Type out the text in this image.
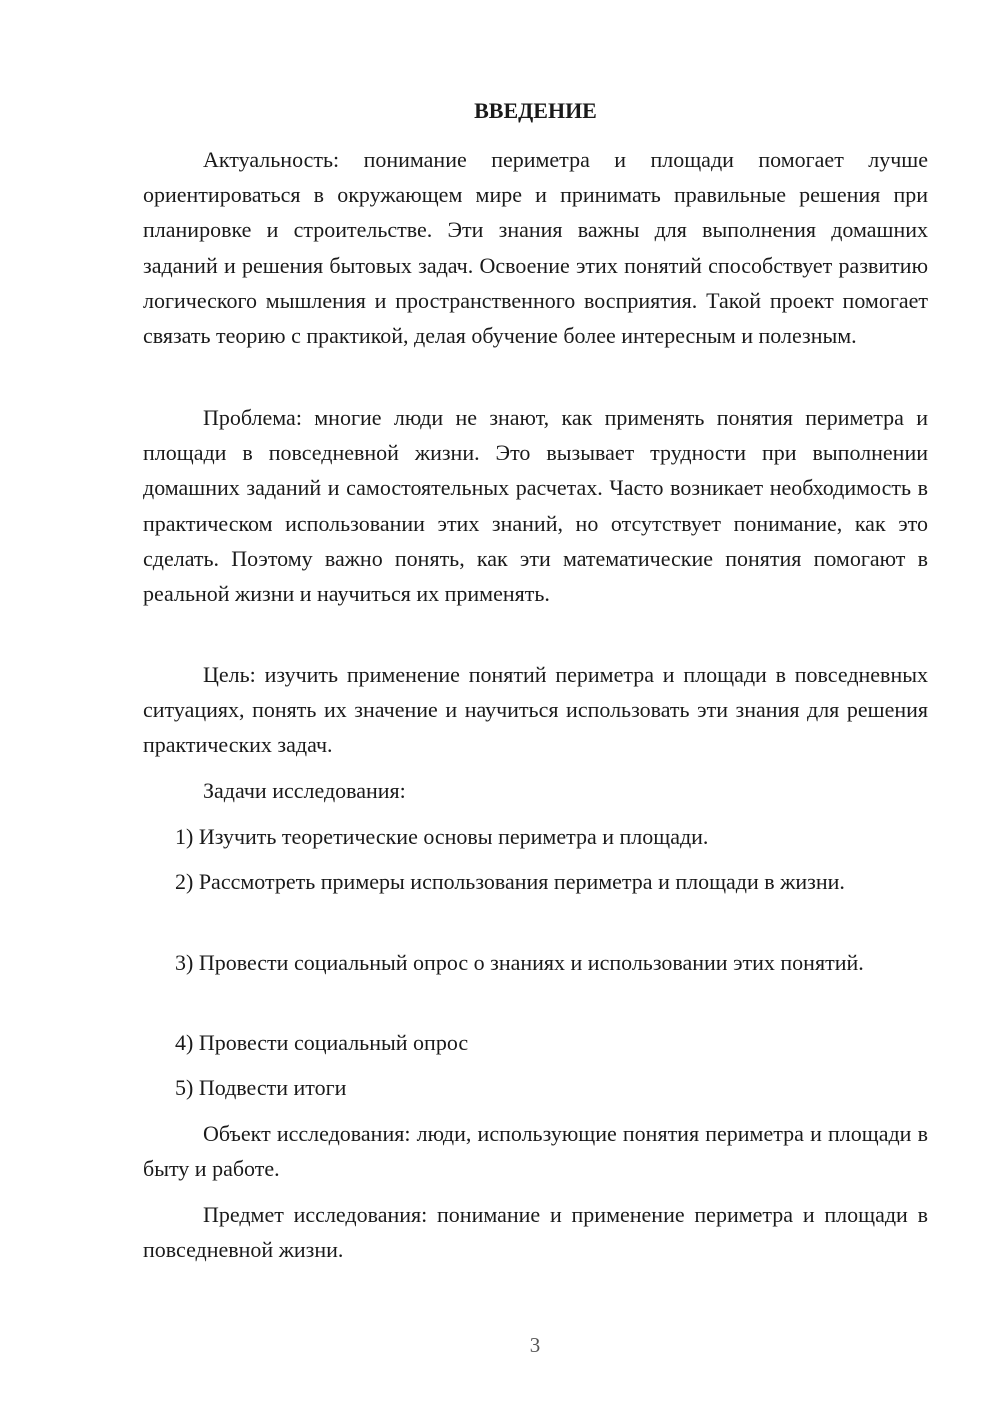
ВВЕДЕНИЕ

Актуальность: понимание периметра и площади помогает лучше ориентироваться в окружающем мире и принимать правильные решения при планировке и строительстве. Эти знания важны для выполнения домашних заданий и решения бытовых задач. Освоение этих понятий способствует развитию логического мышления и пространственного восприятия. Такой проект помогает связать теорию с практикой, делая обучение более интересным и полезным.

Проблема: многие люди не знают, как применять понятия периметра и площади в повседневной жизни. Это вызывает трудности при выполнении домашних заданий и самостоятельных расчетах. Часто возникает необходимость в практическом использовании этих знаний, но отсутствует понимание, как это сделать. Поэтому важно понять, как эти математические понятия помогают в реальной жизни и научиться их применять.

Цель: изучить применение понятий периметра и площади в повседневных ситуациях, понять их значение и научиться использовать эти знания для решения практических задач.

Задачи исследования:

1) Изучить теоретические основы периметра и площади.

2) Рассмотреть примеры использования периметра и площади в жизни.

3) Провести социальный опрос о знаниях и использовании этих понятий.

4) Провести социальный опрос

5) Подвести итоги

Объект исследования: люди, использующие понятия периметра и площади в быту и работе.

Предмет исследования: понимание и применение периметра и площади в повседневной жизни.

3
